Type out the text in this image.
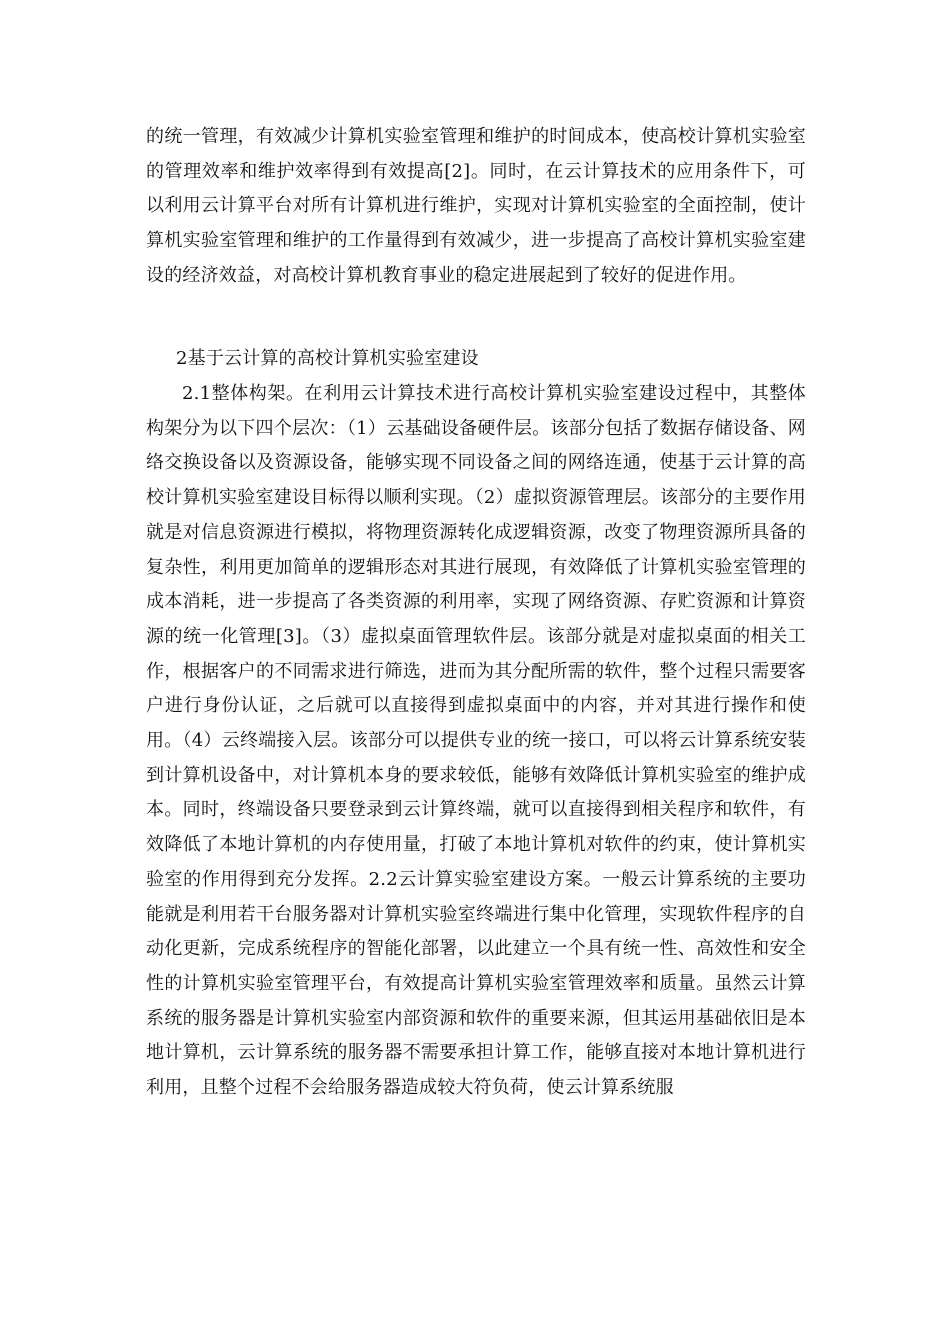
的统一管理，有效减少计算机实验室管理和维护的时间成本，使高校计算机实验室的管理效率和维护效率得到有效提高[2]。同时，在云计算技术的应用条件下，可以利用云计算平台对所有计算机进行维护，实现对计算机实验室的全面控制，使计算机实验室管理和维护的工作量得到有效减少，进一步提高了高校计算机实验室建设的经济效益，对高校计算机教育事业的稳定进展起到了较好的促进作用。

2基于云计算的高校计算机实验室建设

2.1整体构架。在利用云计算技术进行高校计算机实验室建设过程中，其整体构架分为以下四个层次：（1）云基础设备硬件层。该部分包括了数据存储设备、网络交换设备以及资源设备，能够实现不同设备之间的网络连通，使基于云计算的高校计算机实验室建设目标得以顺利实现。（2）虚拟资源管理层。该部分的主要作用就是对信息资源进行模拟，将物理资源转化成逻辑资源，改变了物理资源所具备的复杂性，利用更加简单的逻辑形态对其进行展现，有效降低了计算机实验室管理的成本消耗，进一步提高了各类资源的利用率，实现了网络资源、存贮资源和计算资源的统一化管理[3]。（3）虚拟桌面管理软件层。该部分就是对虚拟桌面的相关工作，根据客户的不同需求进行筛选，进而为其分配所需的软件，整个过程只需要客户进行身份认证，之后就可以直接得到虚拟桌面中的内容，并对其进行操作和使用。（4）云终端接入层。该部分可以提供专业的统一接口，可以将云计算系统安装到计算机设备中，对计算机本身的要求较低，能够有效降低计算机实验室的维护成本。同时，终端设备只要登录到云计算终端，就可以直接得到相关程序和软件，有效降低了本地计算机的内存使用量，打破了本地计算机对软件的约束，使计算机实验室的作用得到充分发挥。2.2云计算实验室建设方案。一般云计算系统的主要功能就是利用若干台服务器对计算机实验室终端进行集中化管理，实现软件程序的自动化更新，完成系统程序的智能化部署，以此建立一个具有统一性、高效性和安全性的计算机实验室管理平台，有效提高计算机实验室管理效率和质量。虽然云计算系统的服务器是计算机实验室内部资源和软件的重要来源，但其运用基础依旧是本地计算机，云计算系统的服务器不需要承担计算工作，能够直接对本地计算机进行利用，且整个过程不会给服务器造成较大符负荷，使云计算系统服
